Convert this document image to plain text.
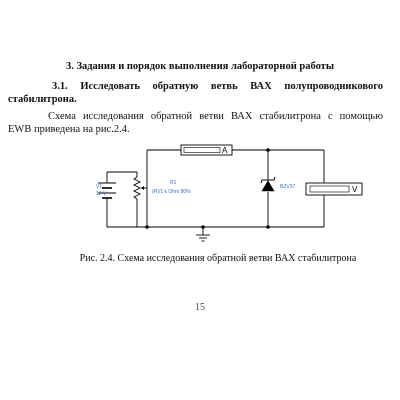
3. Задания и порядок выполнения лабораторной работы
3.1. Исследовать обратную ветвь ВАХ полупроводникового
стабилитрона.
Схема исследования обратной ветви ВАХ стабилитрона с помощью
EWB приведена на рис.2.4.
V1
12 V
R1
(R)/1 k Ohm 80%
A
BZV37	V
Рис. 2.4. Схема исследования обратной ветви ВАХ стабилитрона
15
